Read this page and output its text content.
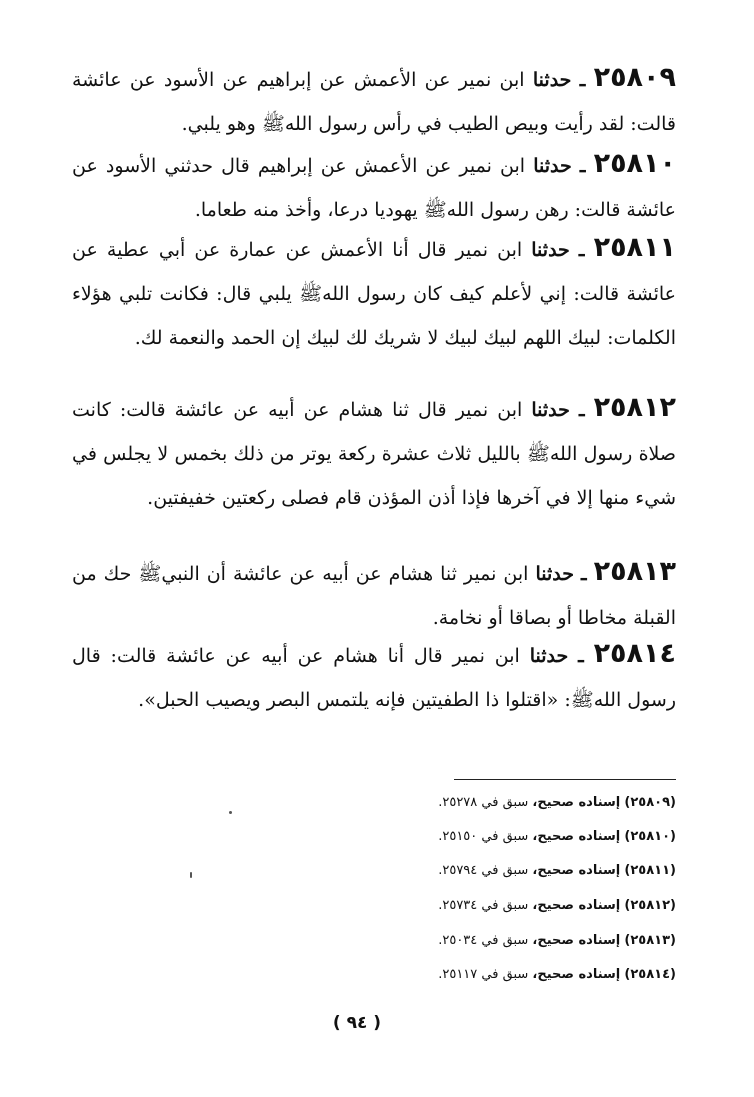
٢٥٨٠٩ ـ حدثنا ابن نمير عن الأعمش عن إبراهيم عن الأسود عن عائشة قالت: لقد رأيت وبيص الطيب في رأس رسول اللهﷺ وهو يلبي.

٢٥٨١٠ ـ حدثنا ابن نمير عن الأعمش عن إبراهيم قال حدثني الأسود عن عائشة قالت: رهن رسول اللهﷺ يهوديا درعا، وأخذ منه طعاما.

٢٥٨١١ ـ حدثنا ابن نمير قال أنا الأعمش عن عمارة عن أبي عطية عن عائشة قالت: إني لأعلم كيف كان رسول اللهﷺ يلبي قال: فكانت تلبي هؤلاء الكلمات: لبيك اللهم لبيك لبيك لا شريك لك لبيك إن الحمد والنعمة لك.

٢٥٨١٢ ـ حدثنا ابن نمير قال ثنا هشام عن أبيه عن عائشة قالت: كانت صلاة رسول اللهﷺ بالليل ثلاث عشرة ركعة يوتر من ذلك بخمس لا يجلس في شيء منها إلا في آخرها فإذا أذن المؤذن قام فصلى ركعتين خفيفتين.

٢٥٨١٣ ـ حدثنا ابن نمير ثنا هشام عن أبيه عن عائشة أن النبيﷺ حك من القبلة مخاطا أو بصاقا أو نخامة.

٢٥٨١٤ ـ حدثنا ابن نمير قال أنا هشام عن أبيه عن عائشة قالت: قال رسول اللهﷺ: «اقتلوا ذا الطفيتين فإنه يلتمس البصر ويصيب الحبل».

(٢٥٨٠٩) إسناده صحيح، سبق في ٢٥٢٧٨.
(٢٥٨١٠) إسناده صحيح، سبق في ٢٥١٥٠.
(٢٥٨١١) إسناده صحيح، سبق في ٢٥٧٩٤.
(٢٥٨١٢) إسناده صحيح، سبق في ٢٥٧٣٤.
(٢٥٨١٣) إسناده صحيح، سبق في ٢٥٠٣٤.
(٢٥٨١٤) إسناده صحيح، سبق في ٢٥١١٧.
( ٩٤ )
